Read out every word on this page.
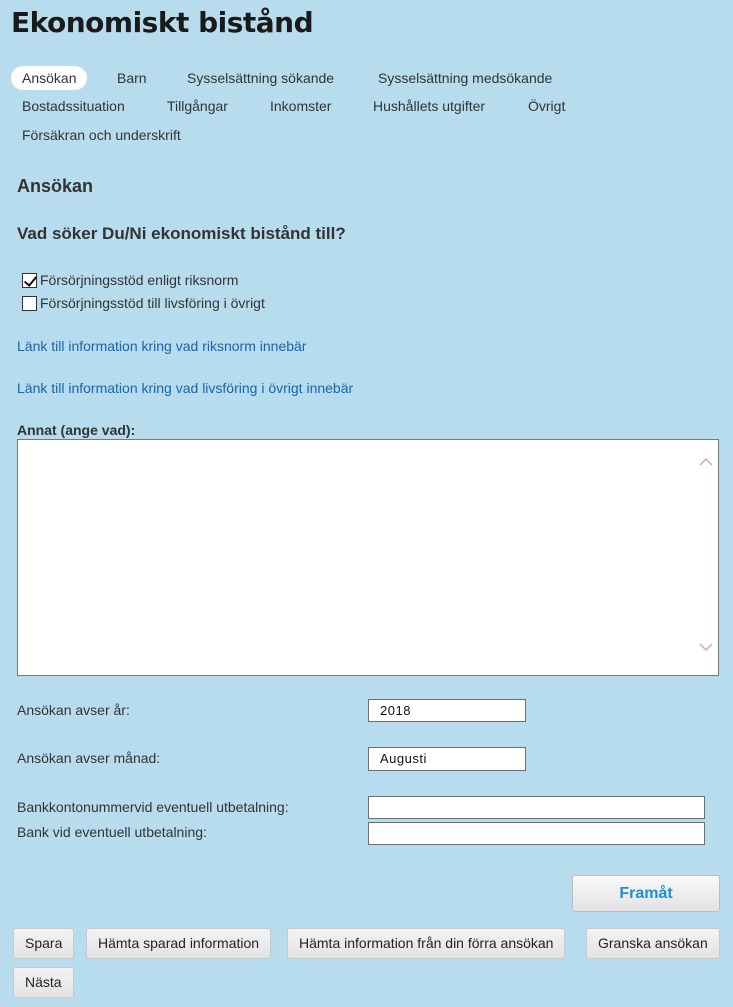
Ekonomiskt bistånd
Ansökan	Barn	Sysselsättning sökande	Sysselsättning medsökande
Bostadssituation	Tillgångar	Inkomster	Hushållets utgifter	Övrigt
Försäkran och underskrift
Ansökan
Vad söker Du/Ni ekonomiskt bistånd till?
Försörjningsstöd enligt riksnorm
Försörjningsstöd till livsföring i övrigt
Länk till information kring vad riksnorm innebär
Länk till information kring vad livsföring i övrigt innebär
Annat (ange vad):
Ansökan avser år:	2018
Ansökan avser månad:	Augusti
Bankkontonummervid eventuell utbetalning:
Bank vid eventuell utbetalning:
Framåt
Spara	Hämta sparad information	Hämta information från din förra ansökan	Granska ansökan
Nästa
